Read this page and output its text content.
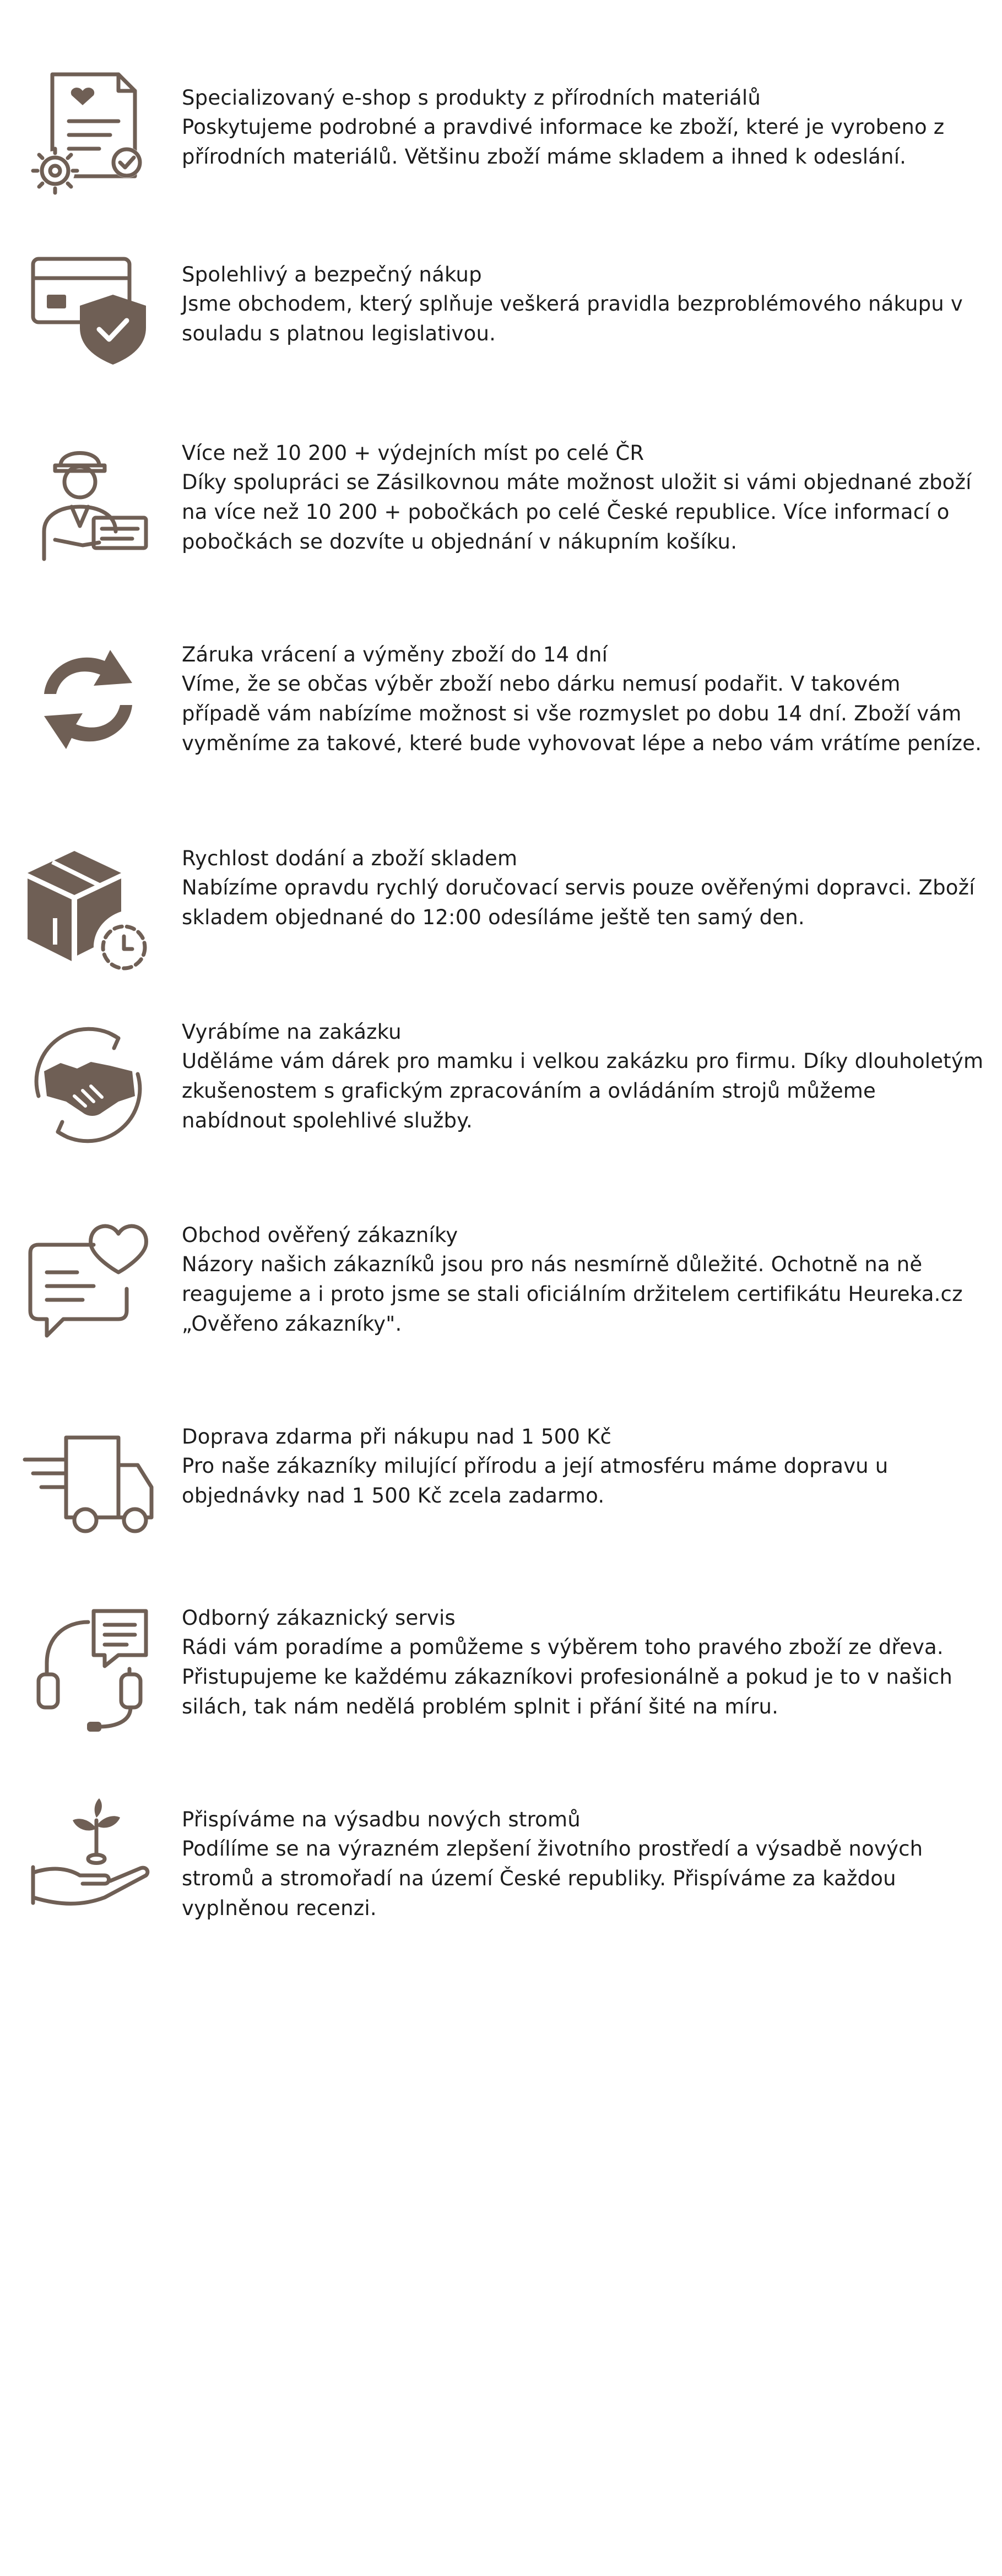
Specializovaný e-shop s produkty z přírodních materiálů

Poskytujeme podrobné a pravdivé informace ke zboží, které je vyrobeno z
přírodních materiálů. Většinu zboží máme skladem a ihned k odeslání.

Spolehlivý a bezpečný nákup

Jsme obchodem, který splňuje veškerá pravidla bezproblémového nákupu v
souladu s platnou legislativou.

Více než 10 200 + výdejních míst po celé ČR

Díky spolupráci se Zásilkovnou máte možnost uložit si vámi objednané zboží
na více než 10 200 + pobočkách po celé České republice. Více informací o
pobočkách se dozvíte u objednání v nákupním košíku.

Záruka vrácení a výměny zboží do 14 dní

Víme, že se občas výběr zboží nebo dárku nemusí podařit. V takovém
případě vám nabízíme možnost si vše rozmyslet po dobu 14 dní. Zboží vám
vyměníme za takové, které bude vyhovovat lépe a nebo vám vrátíme peníze.

Rychlost dodání a zboží skladem

Nabízíme opravdu rychlý doručovací servis pouze ověřenými dopravci. Zboží
skladem objednané do 12:00 odesíláme ještě ten samý den.

Vyrábíme na zakázku

Uděláme vám dárek pro mamku i velkou zakázku pro firmu. Díky dlouholetým
zkušenostem s grafickým zpracováním a ovládáním strojů můžeme
nabídnout spolehlivé služby.

Obchod ověřený zákazníky

Názory našich zákazníků jsou pro nás nesmírně důležité. Ochotně na ně
reagujeme a i proto jsme se stali oficiálním držitelem certifikátu Heureka.cz
„Ověřeno zákazníky".

Doprava zdarma při nákupu nad 1 500 Kč

Pro naše zákazníky milující přírodu a její atmosféru máme dopravu u
objednávky nad 1 500 Kč zcela zadarmo.

Odborný zákaznický servis

Rádi vám poradíme a pomůžeme s výběrem toho pravého zboží ze dřeva.
Přistupujeme ke každému zákazníkovi profesionálně a pokud je to v našich
silách, tak nám nedělá problém splnit i přání šité na míru.

Přispíváme na výsadbu nových stromů

Podílíme se na výrazném zlepšení životního prostředí a výsadbě nových
stromů a stromořadí na území České republiky. Přispíváme za každou
vyplněnou recenzi.
